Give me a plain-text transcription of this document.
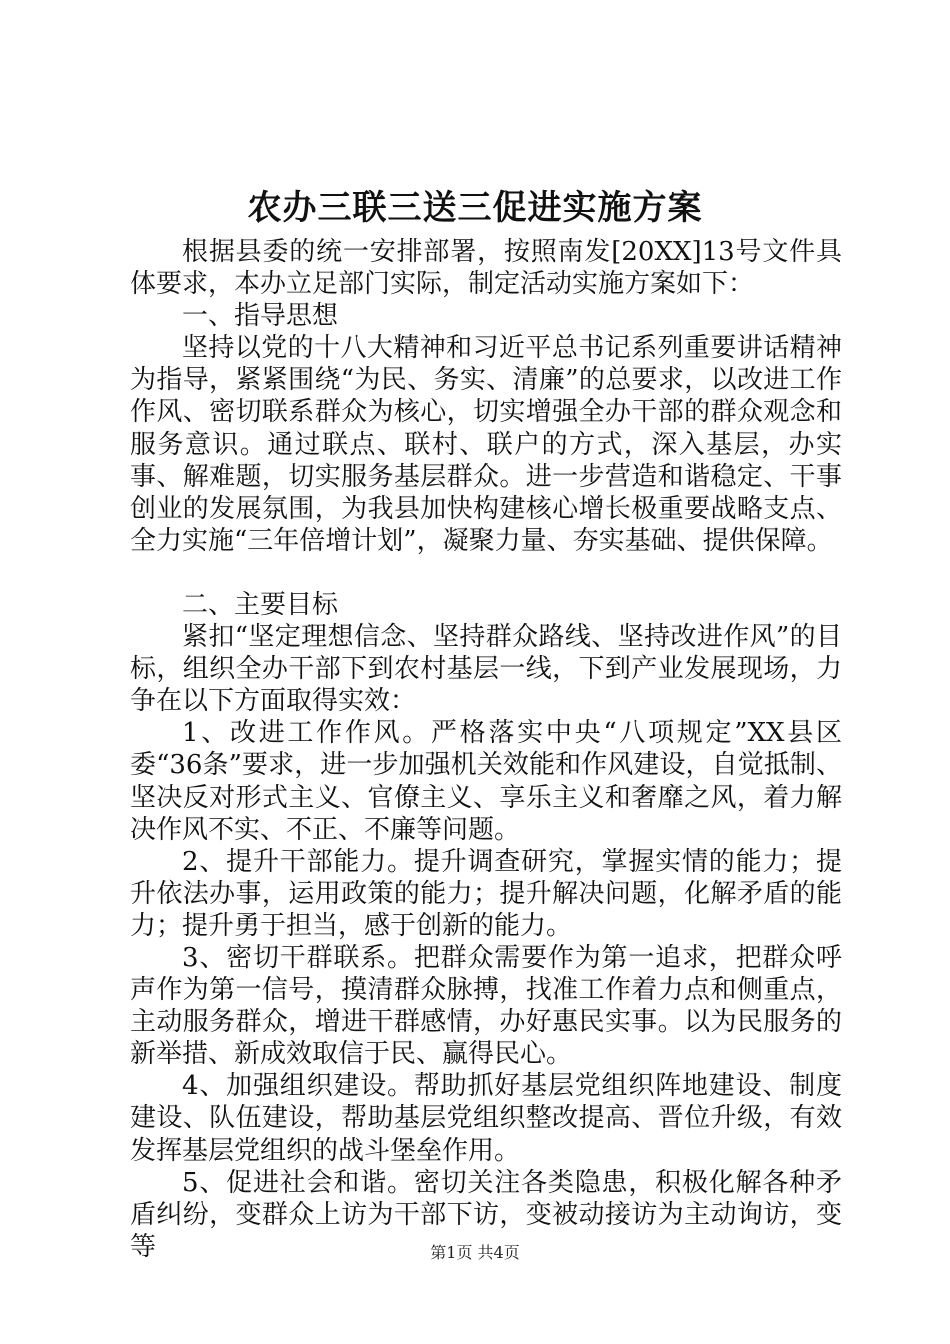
农办三联三送三促进实施方案

根据县委的统一安排部署，按照南发[20XX]13号文件具体要求，本办立足部门实际，制定活动实施方案如下：

一、指导思想

坚持以党的十八大精神和习近平总书记系列重要讲话精神为指导，紧紧围绕“为民、务实、清廉”的总要求，以改进工作作风、密切联系群众为核心，切实增强全办干部的群众观念和服务意识。通过联点、联村、联户的方式，深入基层，办实事、解难题，切实服务基层群众。进一步营造和谐稳定、干事创业的发展氛围，为我县加快构建核心增长极重要战略支点、全力实施“三年倍增计划”，凝聚力量、夯实基础、提供保障。

二、主要目标

紧扣“坚定理想信念、坚持群众路线、坚持改进作风”的目标，组织全办干部下到农村基层一线，下到产业发展现场，力争在以下方面取得实效：

1、改进工作作风。严格落实中央“八项规定”XX县区委“36条”要求，进一步加强机关效能和作风建设，自觉抵制、坚决反对形式主义、官僚主义、享乐主义和奢靡之风，着力解决作风不实、不正、不廉等问题。

2、提升干部能力。提升调查研究，掌握实情的能力；提升依法办事，运用政策的能力；提升解决问题，化解矛盾的能力；提升勇于担当，感于创新的能力。

3、密切干群联系。把群众需要作为第一追求，把群众呼声作为第一信号，摸清群众脉搏，找准工作着力点和侧重点，主动服务群众，增进干群感情，办好惠民实事。以为民服务的新举措、新成效取信于民、赢得民心。

4、加强组织建设。帮助抓好基层党组织阵地建设、制度建设、队伍建设，帮助基层党组织整改提高、晋位升级，有效发挥基层党组织的战斗堡垒作用。

5、促进社会和谐。密切关注各类隐患，积极化解各种矛盾纠纷，变群众上访为干部下访，变被动接访为主动询访，变等	第1页 共4页
